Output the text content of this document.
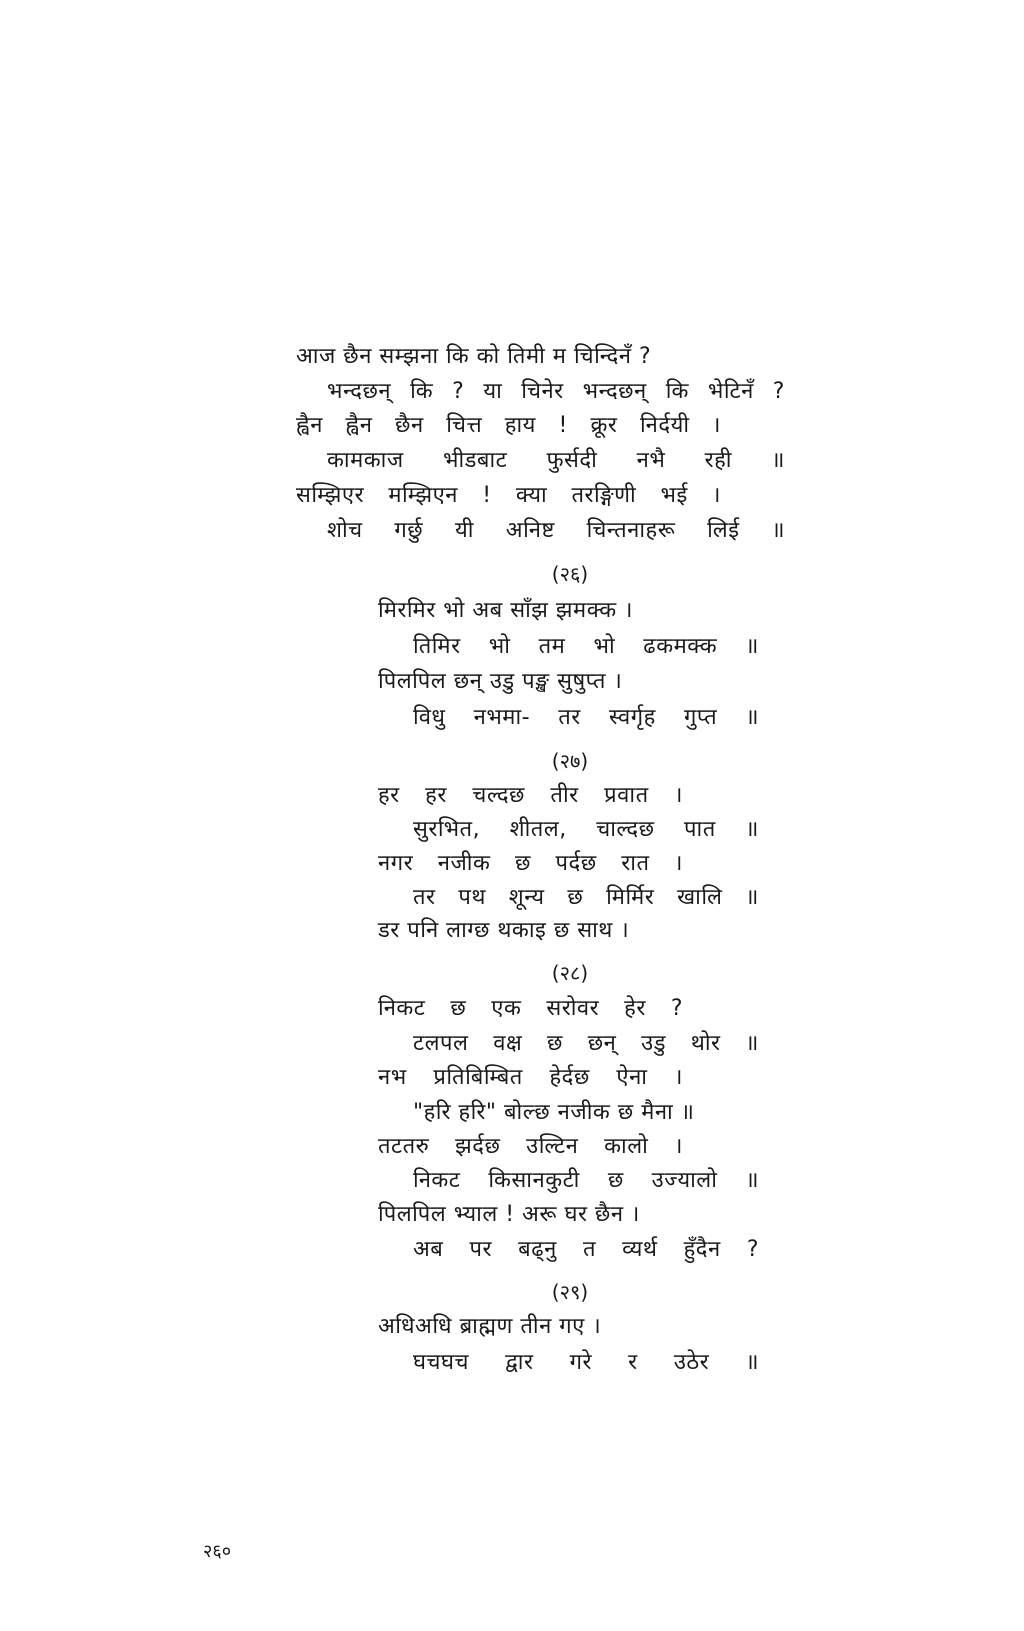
आज छैन सम्झना कि को तिमी म चिन्दिनँ ?
भन्दछन् कि ? या चिनेर भन्दछन् कि भेटिनँ ?
ह्वैन ह्वैन छैन चित्त हाय ! क्रूर निर्दयी ।
कामकाज भीडबाट फुर्सदी नभै रही ॥
सम्झिएर मम्झिएन ! क्या तरङ्गिणी भई ।
शोच गर्छु यी अनिष्ट चिन्तनाहरू लिई ॥
(२६)
मिरमिर भो अब साँझ झमक्क ।
तिमिर भो तम भो ढकमक्क ॥
पिलपिल छन् उडु पङ्ख सुषुप्त ।
विधु नभमा- तर स्वर्गृह गुप्त ॥
(२७)
हर हर चल्दछ तीर प्रवात ।
सुरभित, शीतल, चाल्दछ पात ॥
नगर नजीक छ पर्दछ रात ।
तर पथ शून्य छ मिर्मिर खालि ॥
डर पनि लाग्छ थकाइ छ साथ ।
(२८)
निकट छ एक सरोवर हेर ?
टलपल वक्ष छ छन् उडु थोर ॥
नभ प्रतिबिम्बित हेर्दछ ऐना ।
"हरि हरि" बोल्छ नजीक छ मैना ॥
तटतरु झर्दछ उल्टिन कालो ।
निकट किसानकुटी छ उज्यालो ॥
पिलपिल भ्याल ! अरू घर छैन ।
अब पर बढ्नु त व्यर्थ हुँदैन ?
(२९)
अधिअधि ब्राह्मण तीन गए ।
घचघच द्वार गरे र उठेर ॥
२६०
